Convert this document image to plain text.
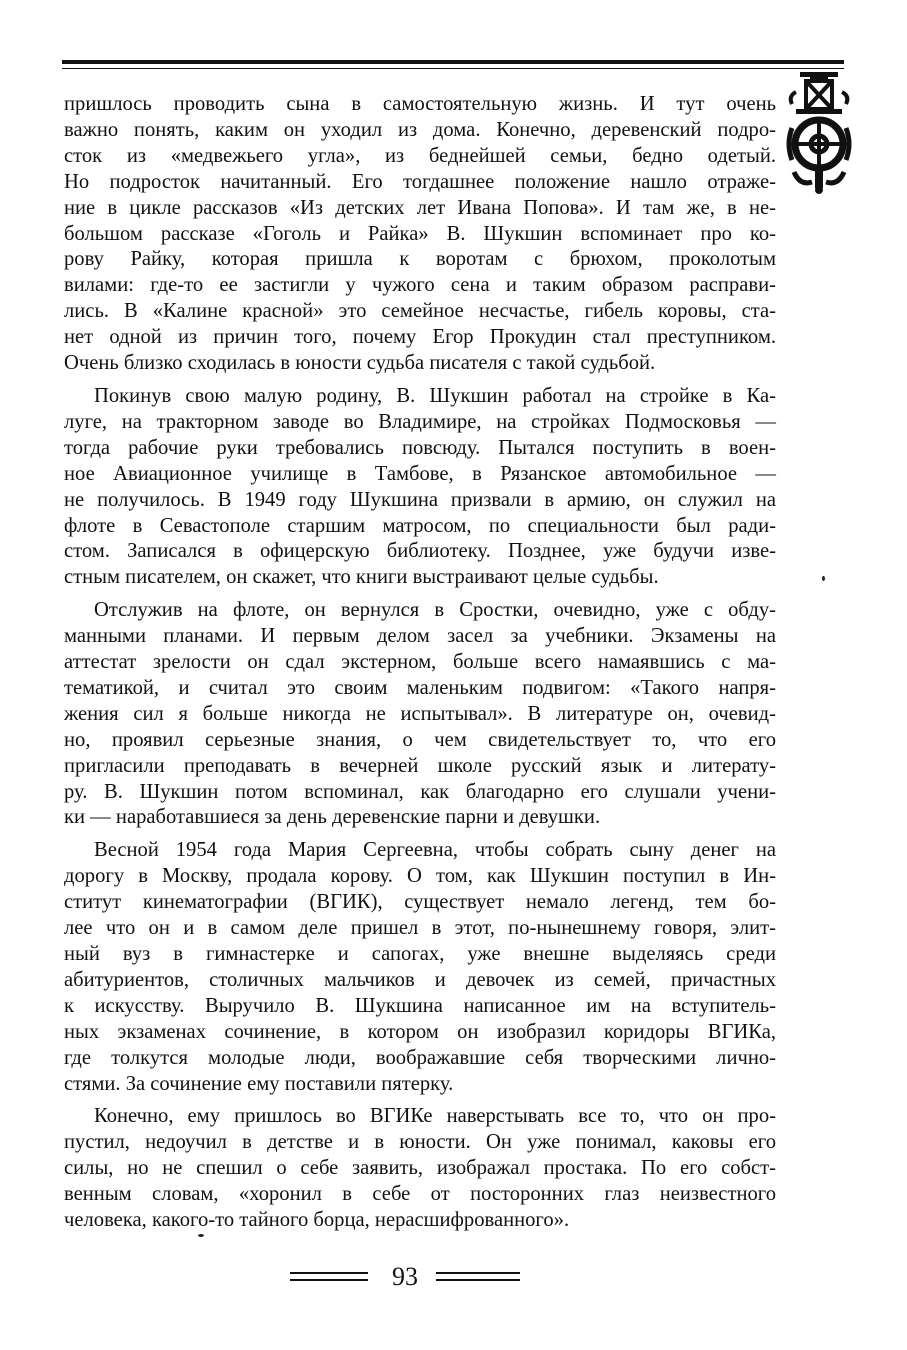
пришлось проводить сына в самостоятельную жизнь. И тут очень
важно понять, каким он уходил из дома. Конечно, деревенский подро-
сток из «медвежьего угла», из беднейшей семьи, бедно одетый.
Но подросток начитанный. Его тогдашнее положение нашло отраже-
ние в цикле рассказов «Из детских лет Ивана Попова». И там же, в не-
большом рассказе «Гоголь и Райка» В. Шукшин вспоминает про ко-
рову Райку, которая пришла к воротам с брюхом, проколотым
вилами: где-то ее застигли у чужого сена и таким образом расправи-
лись. В «Калине красной» это семейное несчастье, гибель коровы, ста-
нет одной из причин того, почему Егор Прокудин стал преступником.
Очень близко сходилась в юности судьба писателя с такой судьбой.
Покинув свою малую родину, В. Шукшин работал на стройке в Ка-
луге, на тракторном заводе во Владимире, на стройках Подмосковья —
тогда рабочие руки требовались повсюду. Пытался поступить в воен-
ное Авиационное училище в Тамбове, в Рязанское автомобильное —
не получилось. В 1949 году Шукшина призвали в армию, он служил на
флоте в Севастополе старшим матросом, по специальности был ради-
стом. Записался в офицерскую библиотеку. Позднее, уже будучи изве-
стным писателем, он скажет, что книги выстраивают целые судьбы.
Отслужив на флоте, он вернулся в Сростки, очевидно, уже с обду-
манными планами. И первым делом засел за учебники. Экзамены на
аттестат зрелости он сдал экстерном, больше всего намаявшись с ма-
тематикой, и считал это своим маленьким подвигом: «Такого напря-
жения сил я больше никогда не испытывал». В литературе он, очевид-
но, проявил серьезные знания, о чем свидетельствует то, что его
пригласили преподавать в вечерней школе русский язык и литерату-
ру. В. Шукшин потом вспоминал, как благодарно его слушали учени-
ки — наработавшиеся за день деревенские парни и девушки.
Весной 1954 года Мария Сергеевна, чтобы собрать сыну денег на
дорогу в Москву, продала корову. О том, как Шукшин поступил в Ин-
ститут кинематографии (ВГИК), существует немало легенд, тем бо-
лее что он и в самом деле пришел в этот, по-нынешнему говоря, элит-
ный вуз в гимнастерке и сапогах, уже внешне выделяясь среди
абитуриентов, столичных мальчиков и девочек из семей, причастных
к искусству. Выручило В. Шукшина написанное им на вступитель-
ных экзаменах сочинение, в котором он изобразил коридоры ВГИКа,
где толкутся молодые люди, воображавшие себя творческими лично-
стями. За сочинение ему поставили пятерку.
Конечно, ему пришлось во ВГИКе наверстывать все то, что он про-
пустил, недоучил в детстве и в юности. Он уже понимал, каковы его
силы, но не спешил о себе заявить, изображал простака. По его собст-
венным словам, «хоронил в себе от посторонних глаз неизвестного
человека, какого-то тайного борца, нерасшифрованного».
93
